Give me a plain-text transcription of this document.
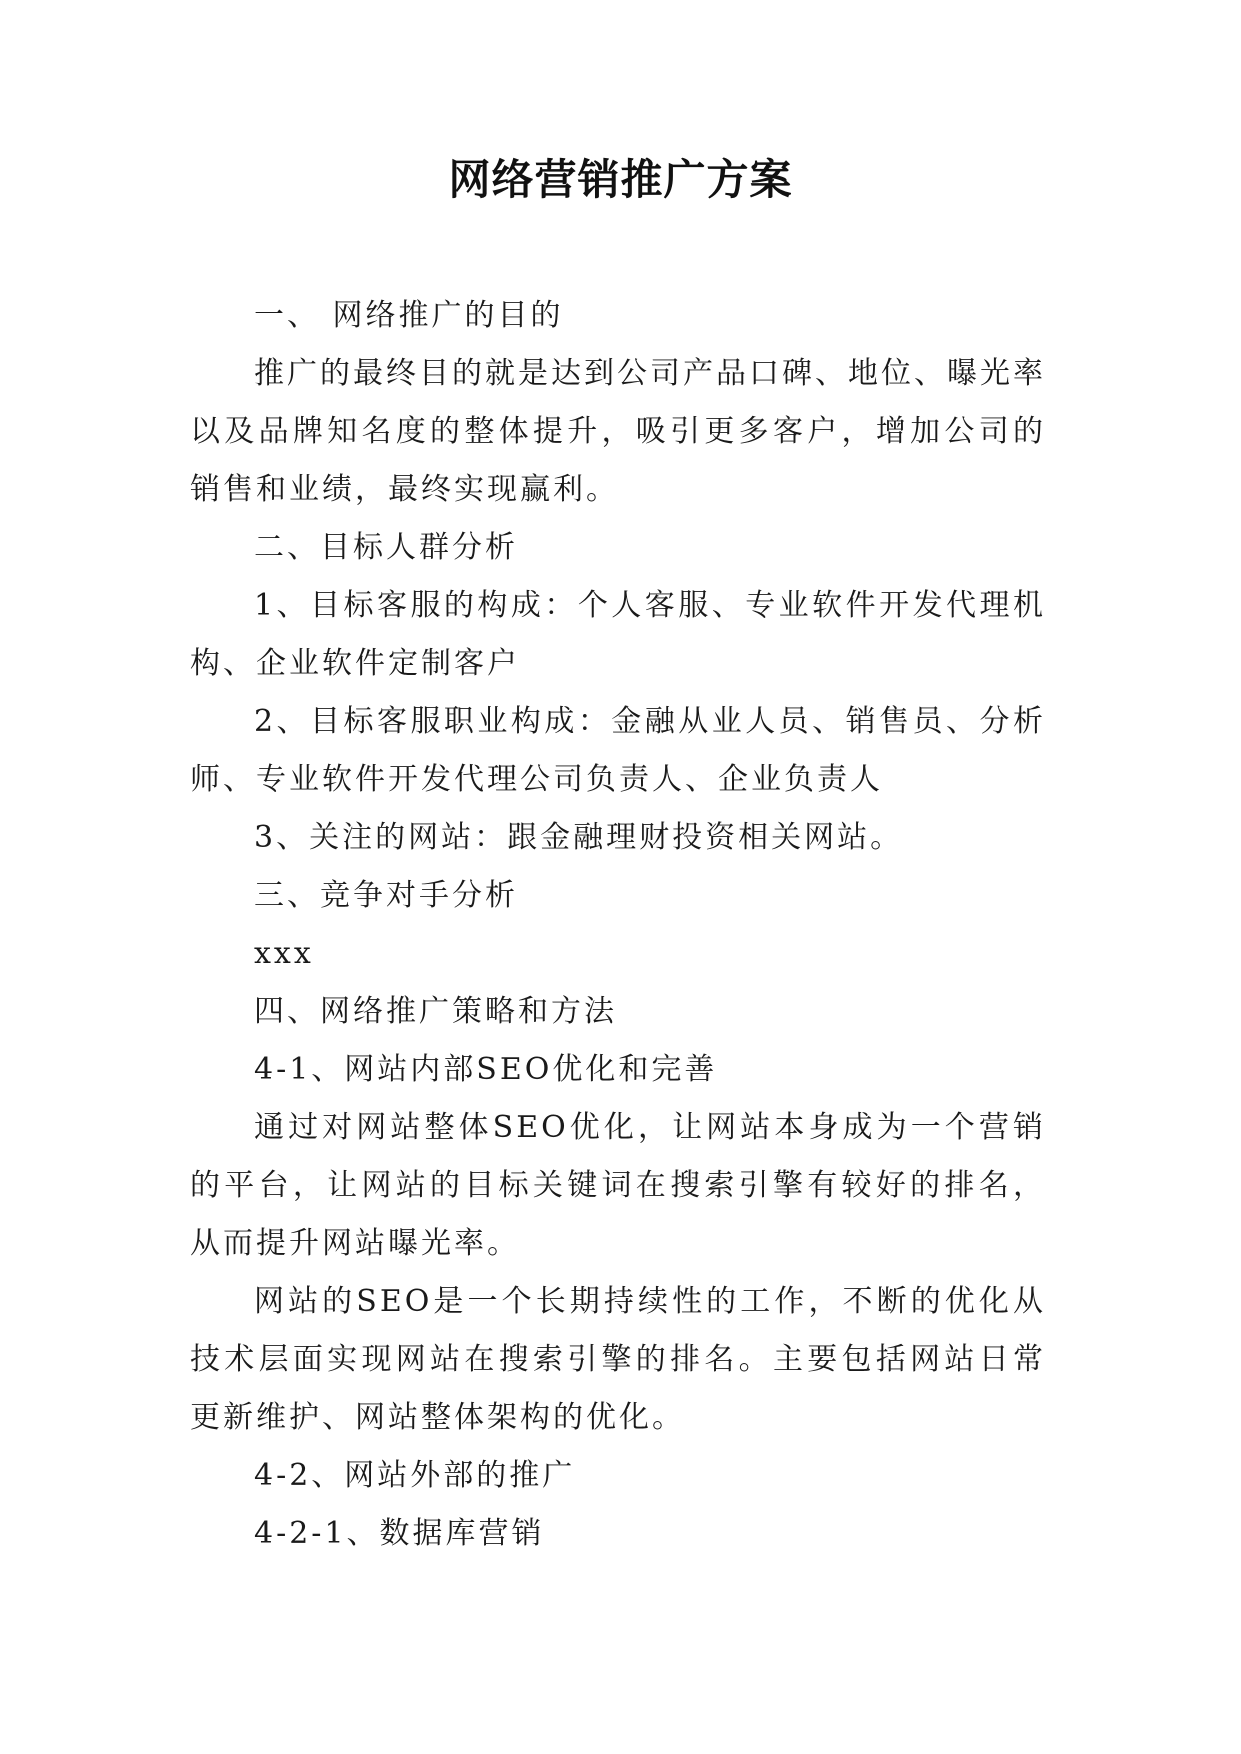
网络营销推广方案

一、 网络推广的目的

推广的最终目的就是达到公司产品口碑、地位、曝光率以及品牌知名度的整体提升，吸引更多客户，增加公司的销售和业绩，最终实现赢利。

二、目标人群分析

1、目标客服的构成：个人客服、专业软件开发代理机构、企业软件定制客户

2、目标客服职业构成：金融从业人员、销售员、分析师、专业软件开发代理公司负责人、企业负责人

3、关注的网站：跟金融理财投资相关网站。

三、竞争对手分析

xxx

四、网络推广策略和方法

4-1、网站内部SEO优化和完善

通过对网站整体SEO优化，让网站本身成为一个营销的平台，让网站的目标关键词在搜索引擎有较好的排名，从而提升网站曝光率。

网站的SEO是一个长期持续性的工作，不断的优化从技术层面实现网站在搜索引擎的排名。主要包括网站日常更新维护、网站整体架构的优化。

4-2、网站外部的推广

4-2-1、数据库营销
